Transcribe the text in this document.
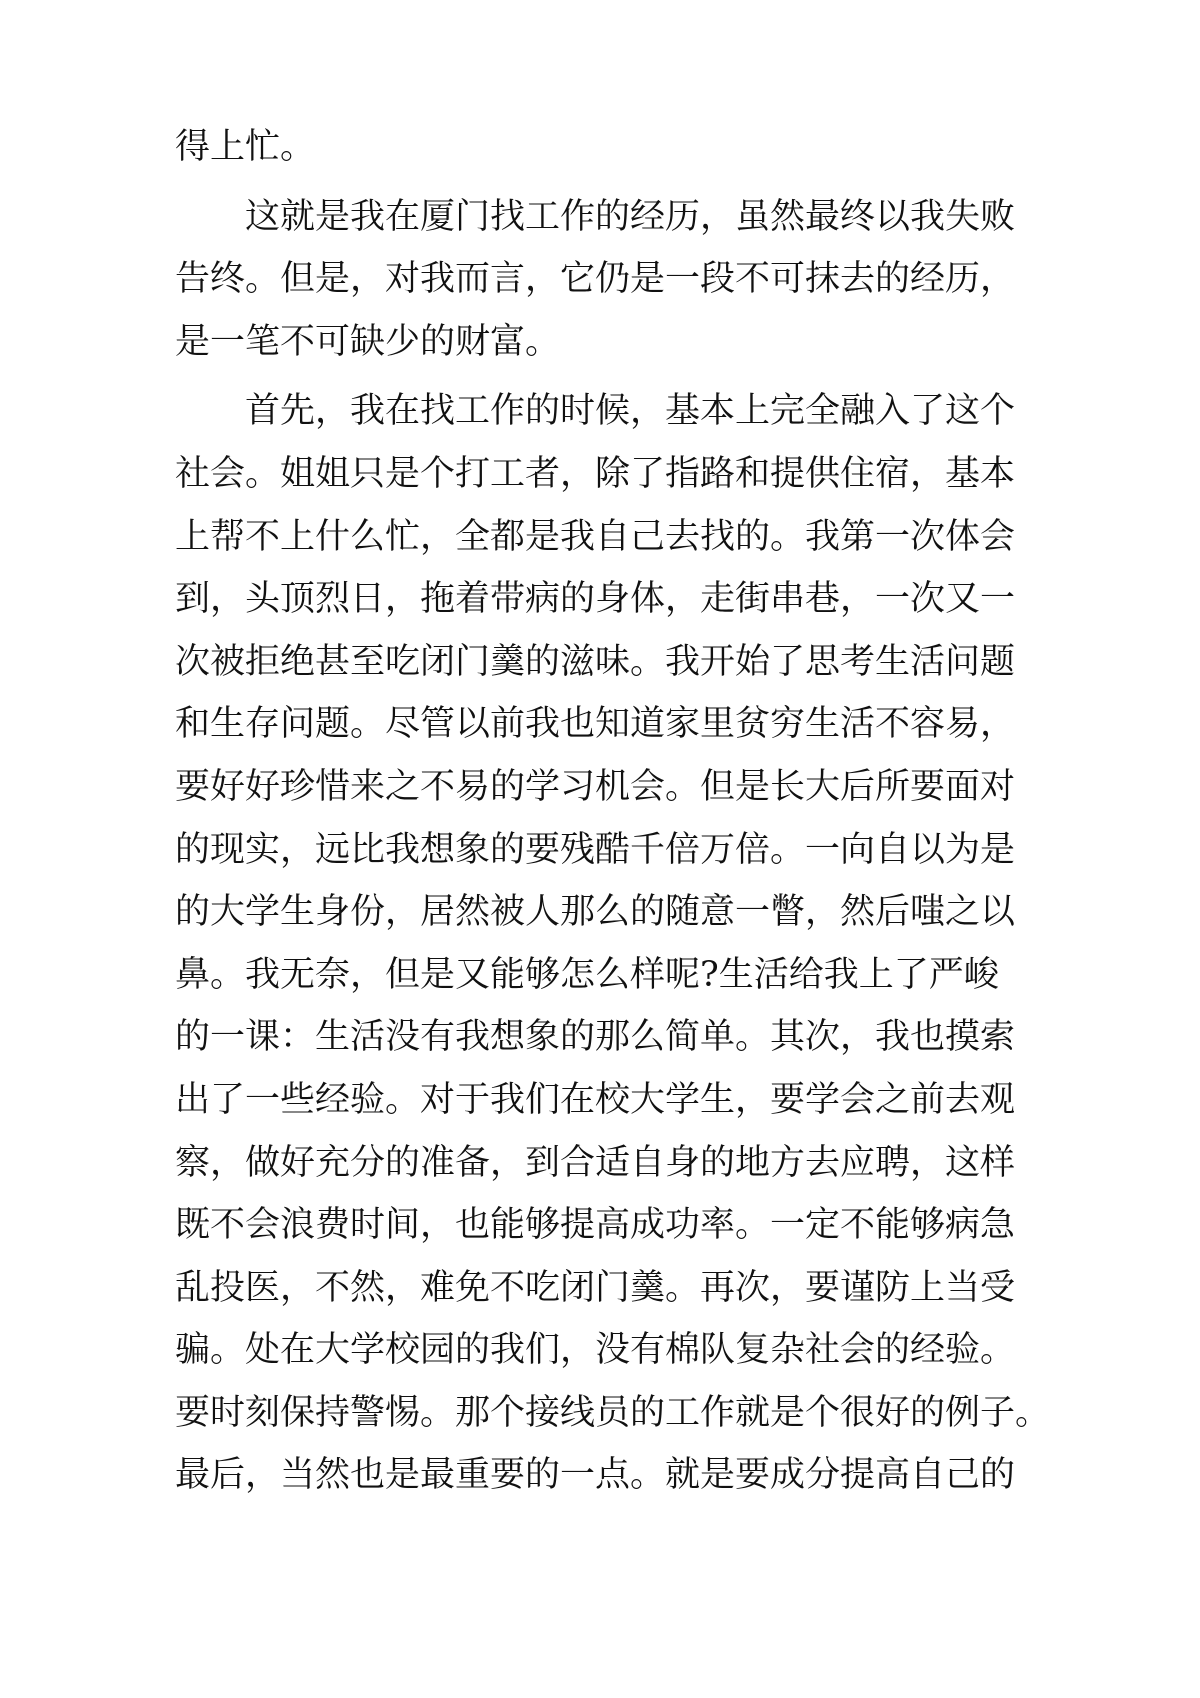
得上忙。
　　这就是我在厦门找工作的经历，虽然最终以我失败
告终。但是，对我而言，它仍是一段不可抹去的经历，
是一笔不可缺少的财富。
　　首先，我在找工作的时候，基本上完全融入了这个
社会。姐姐只是个打工者，除了指路和提供住宿，基本
上帮不上什么忙，全都是我自己去找的。我第一次体会
到，头顶烈日，拖着带病的身体，走街串巷，一次又一
次被拒绝甚至吃闭门羹的滋味。我开始了思考生活问题
和生存问题。尽管以前我也知道家里贫穷生活不容易，
要好好珍惜来之不易的学习机会。但是长大后所要面对
的现实，远比我想象的要残酷千倍万倍。一向自以为是
的大学生身份，居然被人那么的随意一瞥，然后嗤之以
鼻。我无奈，但是又能够怎么样呢?生活给我上了严峻
的一课：生活没有我想象的那么简单。其次，我也摸索
出了一些经验。对于我们在校大学生，要学会之前去观
察，做好充分的准备，到合适自身的地方去应聘，这样
既不会浪费时间，也能够提高成功率。一定不能够病急
乱投医，不然，难免不吃闭门羹。再次，要谨防上当受
骗。处在大学校园的我们，没有棉队复杂社会的经验。
要时刻保持警惕。那个接线员的工作就是个很好的例子。
最后，当然也是最重要的一点。就是要成分提高自己的
